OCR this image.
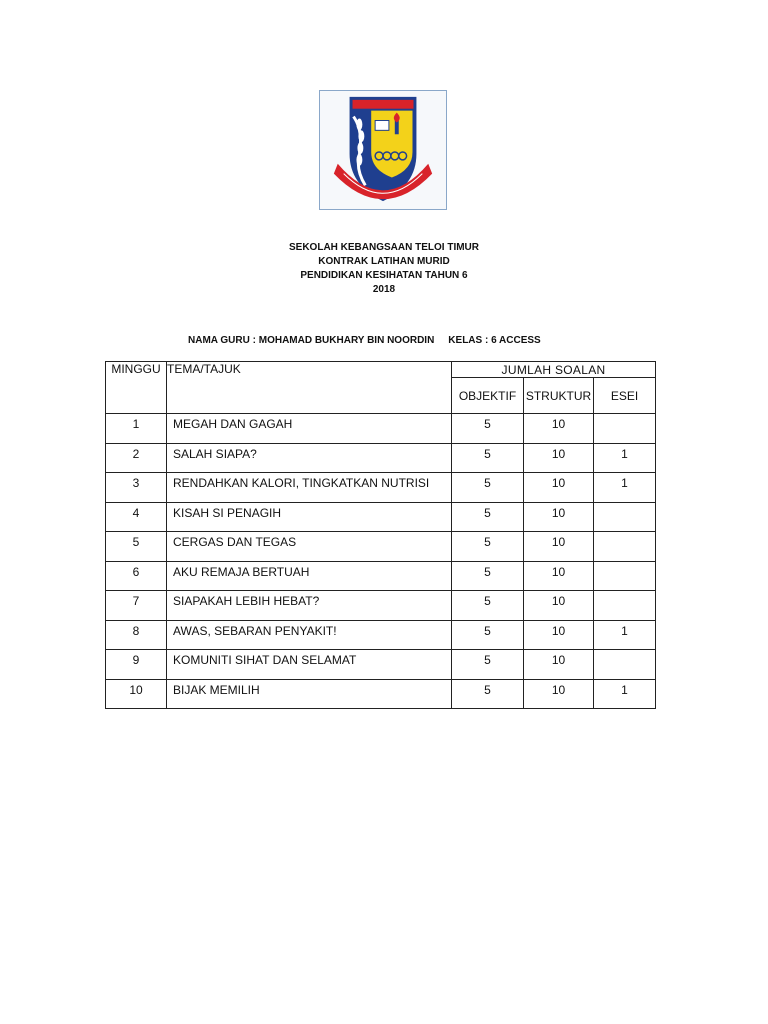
SEKOLAH KEBANGSAAN TELOI TIMUR
KONTRAK LATIHAN MURID
PENDIDIKAN KESIHATAN TAHUN 6
2018
NAMA GURU : MOHAMAD BUKHARY BIN NOORDIN KELAS : 6 ACCESS
MINGGU	TEMA/TAJUK	JUMLAH SOALAN		
		OBJEKTIF	STRUKTUR	ESEI
1	MEGAH DAN GAGAH	5	10	
2	SALAH SIAPA?	5	10	1
3	RENDAHKAN KALORI, TINGKATKAN NUTRISI	5	10	1
4	KISAH SI PENAGIH	5	10	
5	CERGAS DAN TEGAS	5	10	
6	AKU REMAJA BERTUAH	5	10	
7	SIAPAKAH LEBIH HEBAT?	5	10	
8	AWAS, SEBARAN PENYAKIT!	5	10	1
9	KOMUNITI SIHAT DAN SELAMAT	5	10	
10	BIJAK MEMILIH	5	10	1
